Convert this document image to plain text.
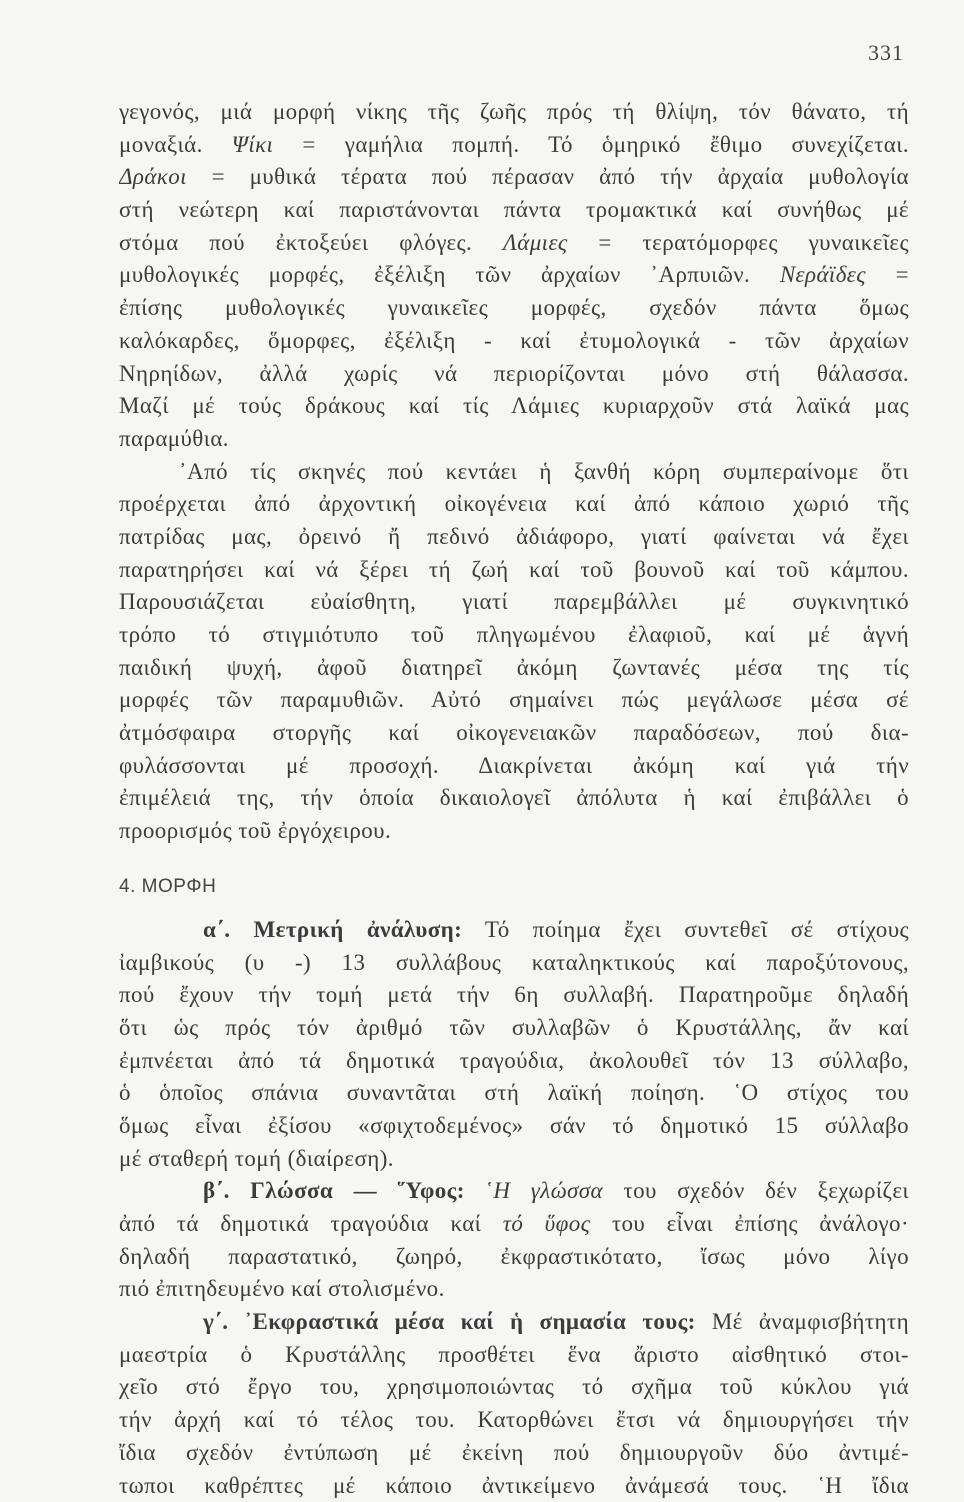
331
γεγονός, μιά μορφή νίκης τῆς ζωῆς πρός τή θλίψη, τόν θάνατο, τή
μοναξιά. Ψίκι = γαμήλια πομπή. Τό ὁμηρικό ἔθιμο συνεχίζεται.
Δράκοι = μυθικά τέρατα πού πέρασαν ἀπό τήν ἀρχαία μυθολογία
στή νεώτερη καί παριστάνονται πάντα τρομακτικά καί συνήθως μέ
στόμα πού ἐκτοξεύει φλόγες. Λάμιες = τερατόμορφες γυναικεῖες
μυθολογικές μορφές, ἐξέλιξη τῶν ἀρχαίων ᾿Αρπυιῶν. Νεράϊδες =
ἐπίσης μυθολογικές γυναικεῖες μορφές, σχεδόν πάντα ὅμως
καλόκαρδες, ὅμορφες, ἐξέλιξη - καί ἐτυμολογικά - τῶν ἀρχαίων
Νηρηίδων, ἀλλά χωρίς νά περιορίζονται μόνο στή θάλασσα.
Μαζί μέ τούς δράκους καί τίς Λάμιες κυριαρχοῦν στά λαϊκά μας
παραμύθια.
᾿Από τίς σκηνές πού κεντάει ἡ ξανθή κόρη συμπεραίνομε ὅτι
προέρχεται ἀπό ἀρχοντική οἰκογένεια καί ἀπό κάποιο χωριό τῆς
πατρίδας μας, ὀρεινό ἤ πεδινό ἀδιάφορο, γιατί φαίνεται νά ἔχει
παρατηρήσει καί νά ξέρει τή ζωή καί τοῦ βουνοῦ καί τοῦ κάμπου.
Παρουσιάζεται εὐαίσθητη, γιατί παρεμβάλλει μέ συγκινητικό
τρόπο τό στιγμιότυπο τοῦ πληγωμένου ἐλαφιοῦ, καί μέ ἁγνή
παιδική ψυχή, ἀφοῦ διατηρεῖ ἀκόμη ζωντανές μέσα της τίς
μορφές τῶν παραμυθιῶν. Αὐτό σημαίνει πώς μεγάλωσε μέσα σέ
ἀτμόσφαιρα στοργῆς καί οἰκογενειακῶν παραδόσεων, πού δια-
φυλάσσονται μέ προσοχή. Διακρίνεται ἀκόμη καί γιά τήν
ἐπιμέλειά της, τήν ὁποία δικαιολογεῖ ἀπόλυτα ἡ καί ἐπιβάλλει ὁ
προορισμός τοῦ ἐργόχειρου.
4. ΜΟΡΦΗ
α΄. Μετρική ἀνάλυση: Τό ποίημα ἔχει συντεθεῖ σέ στίχους
ἰαμβικούς (υ -) 13 συλλάβους καταληκτικούς καί παροξύτονους,
πού ἔχουν τήν τομή μετά τήν 6η συλλαβή. Παρατηροῦμε δηλαδή
ὅτι ὡς πρός τόν ἀριθμό τῶν συλλαβῶν ὁ Κρυστάλλης, ἄν καί
ἐμπνέεται ἀπό τά δημοτικά τραγούδια, ἀκολουθεῖ τόν 13 σύλλαβο,
ὁ ὁποῖος σπάνια συναντᾶται στή λαϊκή ποίηση. ῾Ο στίχος του
ὅμως εἶναι ἐξίσου «σφιχτοδεμένος» σάν τό δημοτικό 15 σύλλαβο
μέ σταθερή τομή (διαίρεση).
β΄. Γλώσσα — ῞Υφος: ῾Η γλώσσα του σχεδόν δέν ξεχωρίζει
ἀπό τά δημοτικά τραγούδια καί τό ὕφος του εἶναι ἐπίσης ἀνάλογο·
δηλαδή παραστατικό, ζωηρό, ἐκφραστικότατο, ἴσως μόνο λίγο
πιό ἐπιτηδευμένο καί στολισμένο.
γ΄. ᾿Εκφραστικά μέσα καί ἡ σημασία τους: Μέ ἀναμφισβήτητη
μαεστρία ὁ Κρυστάλλης προσθέτει ἕνα ἄριστο αἰσθητικό στοι-
χεῖο στό ἔργο του, χρησιμοποιώντας τό σχῆμα τοῦ κύκλου γιά
τήν ἀρχή καί τό τέλος του. Κατορθώνει ἔτσι νά δημιουργήσει τήν
ἴδια σχεδόν ἐντύπωση μέ ἐκείνη πού δημιουργοῦν δύο ἀντιμέ-
τωποι καθρέπτες μέ κάποιο ἀντικείμενο ἀνάμεσά τους. ῾Η ἴδια
